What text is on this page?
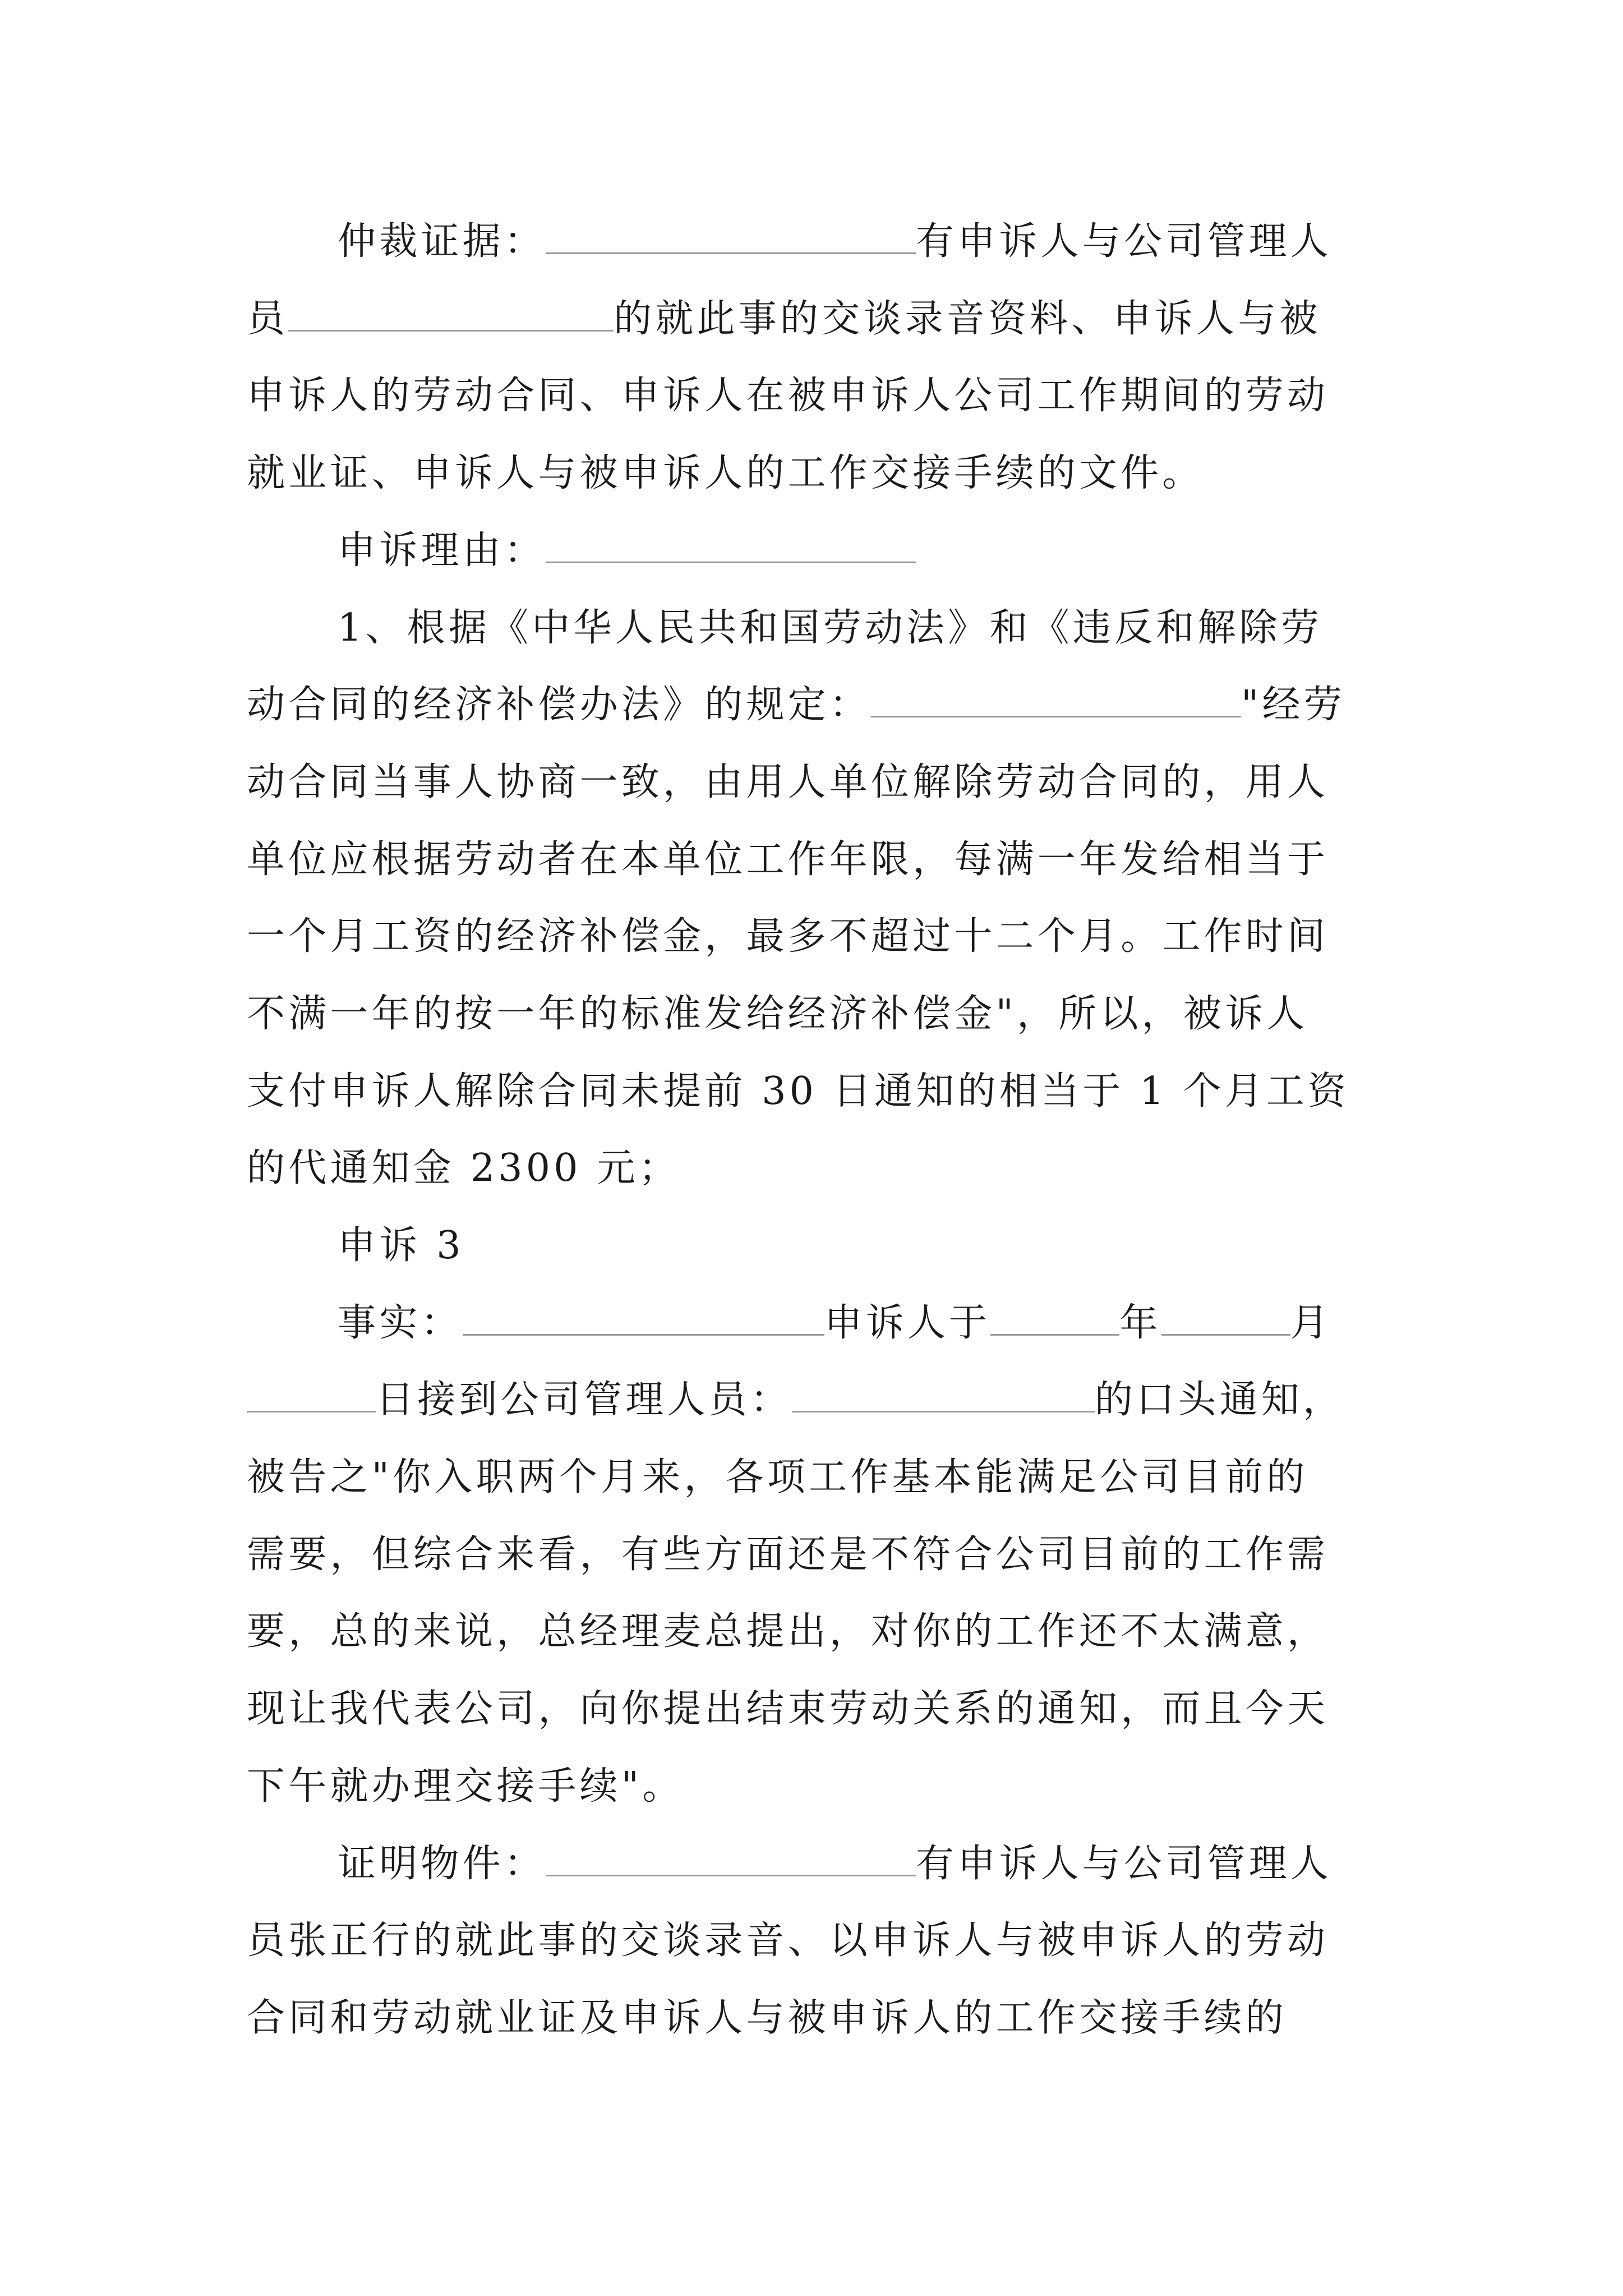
仲裁证据：	有申诉人与公司管理人
员	的就此事的交谈录音资料、申诉人与被
申诉人的劳动合同、申诉人在被申诉人公司工作期间的劳动
就业证、申诉人与被申诉人的工作交接手续的文件。
申诉理由：
1、根据《中华人民共和国劳动法》和《违反和解除劳
动合同的经济补偿办法》的规定：	"经劳
动合同当事人协商一致，由用人单位解除劳动合同的，用人
单位应根据劳动者在本单位工作年限，每满一年发给相当于
一个月工资的经济补偿金，最多不超过十二个月。工作时间
不满一年的按一年的标准发给经济补偿金"，所以，被诉人
支付申诉人解除合同未提前 30 日通知的相当于 1 个月工资
的代通知金 2300 元；
申诉 3
事实：	申诉人于	年	月
日接到公司管理人员：	的口头通知，
被告之"你入职两个月来，各项工作基本能满足公司目前的
需要，但综合来看，有些方面还是不符合公司目前的工作需
要，总的来说，总经理麦总提出，对你的工作还不太满意，
现让我代表公司，向你提出结束劳动关系的通知，而且今天
下午就办理交接手续"。
证明物件：	有申诉人与公司管理人
员张正行的就此事的交谈录音、以申诉人与被申诉人的劳动
合同和劳动就业证及申诉人与被申诉人的工作交接手续的
